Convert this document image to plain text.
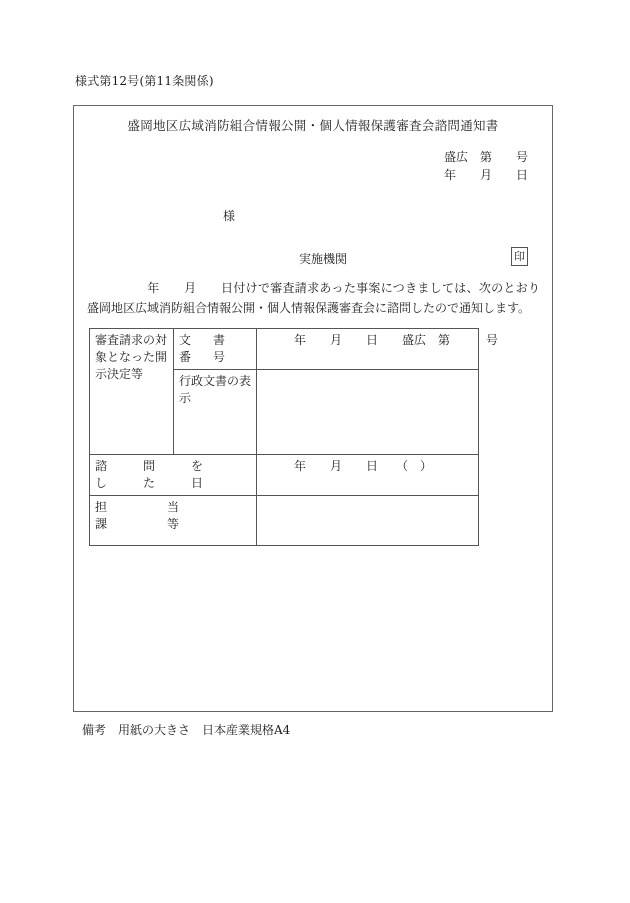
様式第12号(第11条関係)
盛岡地区広域消防組合情報公開・個人情報保護審査会諮問通知書
盛広　第　　号
年　　月　　日
様
実施機関	印
年　　月　　日付けで審査請求あった事案につきましては、次のとおり盛岡地区広域消防組合情報公開・個人情報保護審査会に諮問したので通知します。
審査請求の対象となった開示決定等	文　書　番　号	年　　月　　日　　盛広　第　　　号
	行政文書の表示	
諮　問　を　し　た　日		年　　月　　日　　（　）
担　　当　　課　　等		
備考　用紙の大きさ　日本産業規格A4
